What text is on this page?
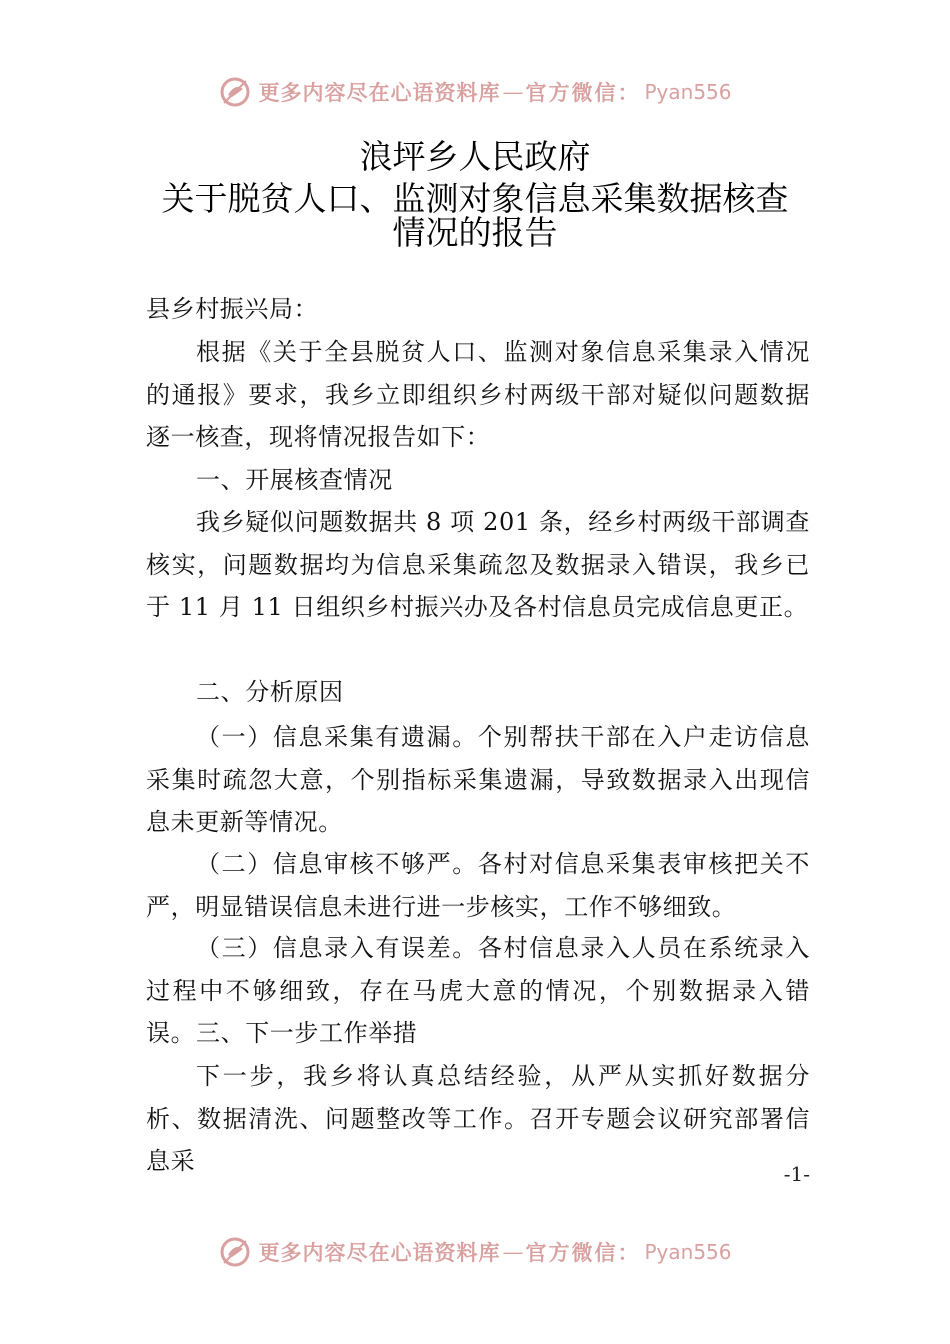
更多内容尽在心语资料库 — 官方微信： Pyan556
浪坪乡人民政府
关于脱贫人口、监测对象信息采集数据核查
情况的报告

县乡村振兴局：

根据《关于全县脱贫人口、监测对象信息采集录入情况的通报》要求，我乡立即组织乡村两级干部对疑似问题数据逐一核查，现将情况报告如下：

一、开展核查情况

我乡疑似问题数据共 8 项 201 条，经乡村两级干部调查核实，问题数据均为信息采集疏忽及数据录入错误，我乡已于 11 月 11 日组织乡村振兴办及各村信息员完成信息更正。

二、分析原因

（一）信息采集有遗漏。个别帮扶干部在入户走访信息采集时疏忽大意，个别指标采集遗漏，导致数据录入出现信息未更新等情况。

（二）信息审核不够严。各村对信息采集表审核把关不严，明显错误信息未进行进一步核实，工作不够细致。

（三）信息录入有误差。各村信息录入人员在系统录入过程中不够细致，存在马虎大意的情况，个别数据录入错误。 三、下一步工作举措

下一步，我乡将认真总结经验，从严从实抓好数据分析、数据清洗、问题整改等工作。召开专题会议研究部署信息采	-1-
更多内容尽在心语资料库 — 官方微信： Pyan556
